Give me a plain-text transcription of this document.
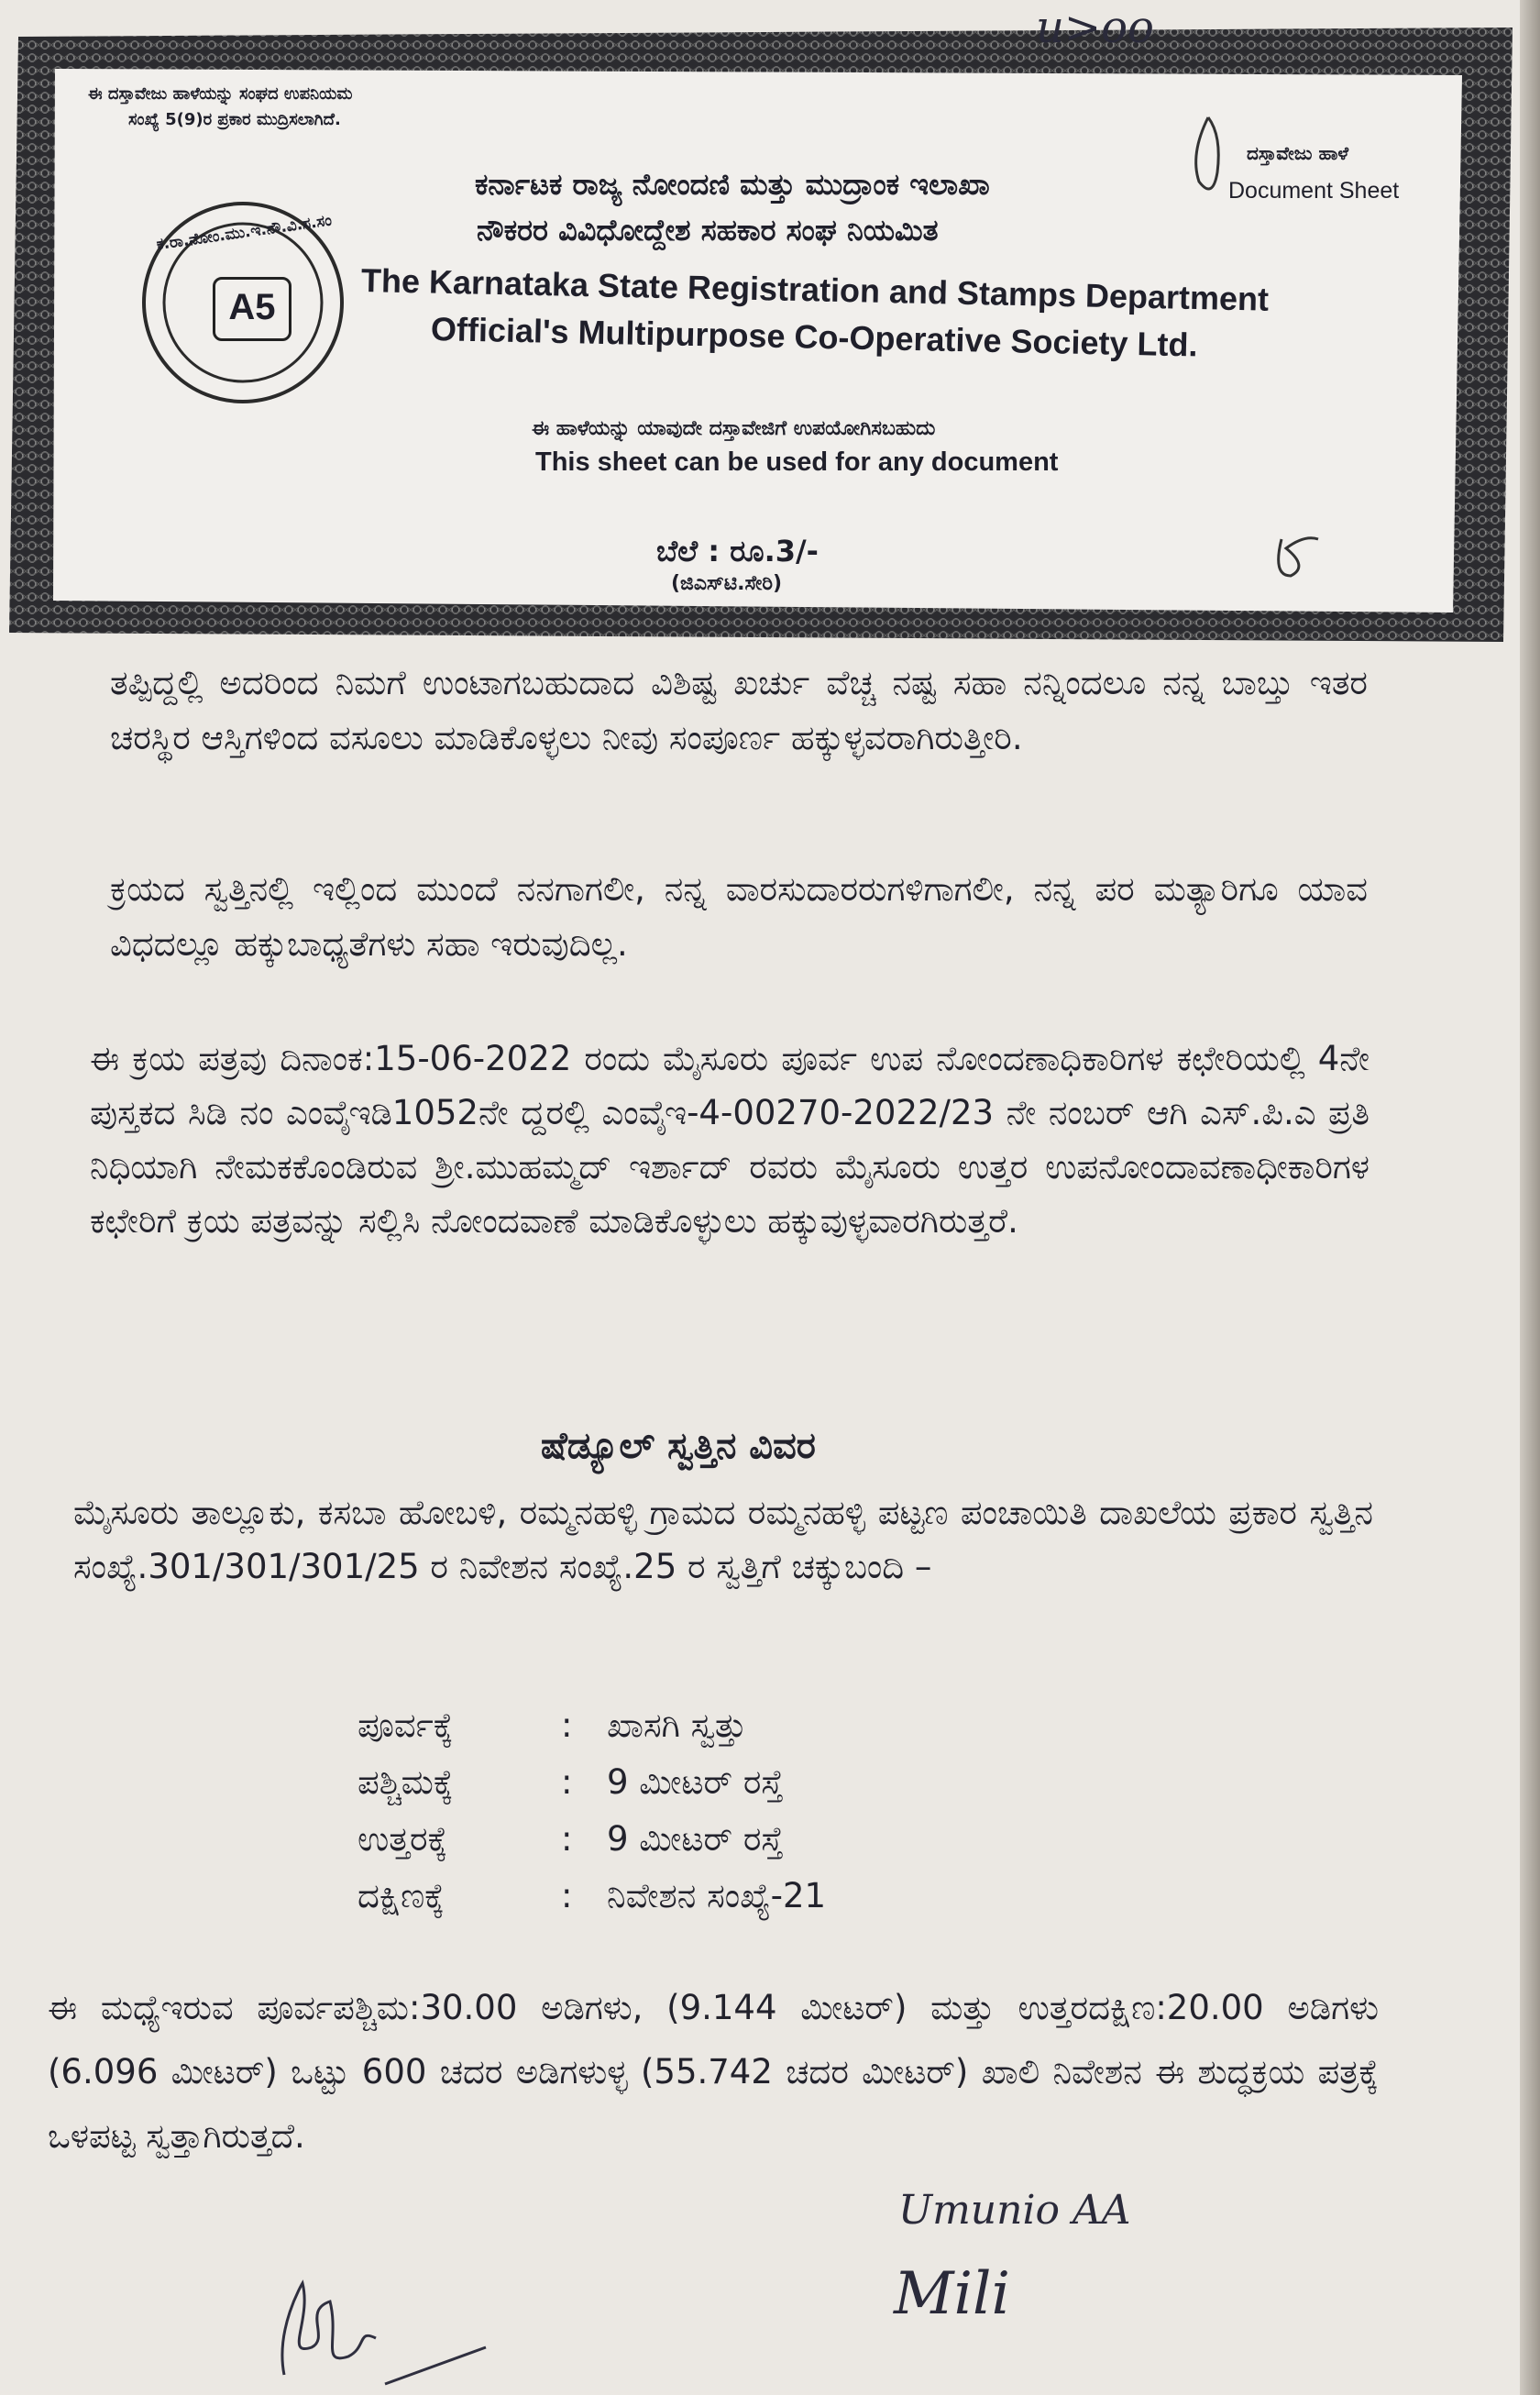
ಈ ದಸ್ತಾವೇಜು ಹಾಳೆಯನ್ನು ಸಂಘದ ಉಪನಿಯಮ
ಸಂಖ್ಯೆ 5(9)ರ ಪ್ರಕಾರ ಮುದ್ರಿಸಲಾಗಿದೆ.
ಕರ್ನಾಟಕ ರಾಜ್ಯ ನೋಂದಣಿ ಮತ್ತು ಮುದ್ರಾಂಕ ಇಲಾಖಾ
ನೌಕರರ ವಿವಿಧೋದ್ದೇಶ ಸಹಕಾರ ಸಂಘ ನಿಯಮಿತ
The Karnataka State Registration and Stamps Department
Official's Multipurpose Co-Operative Society Ltd.
ಈ ಹಾಳೆಯನ್ನು ಯಾವುದೇ ದಸ್ತಾವೇಜಿಗೆ ಉಪಯೋಗಿಸಬಹುದು
This sheet can be used for any document
ಬೆಲೆ : ರೂ.3/-
(ಜಿಎಸ್‌ಟಿ.ಸೇರಿ)
ದಸ್ತಾವೇಜು ಹಾಳೆ
Document Sheet
A5
ಕ.ರಾ.ನೋಂ.ಮು.ಇ.ನೌ.ವಿ.ಸ.ಸಂ
u>oo
ತಪ್ಪಿದ್ದಲ್ಲಿ ಅದರಿಂದ ನಿಮಗೆ ಉಂಟಾಗಬಹುದಾದ ವಿಶಿಷ್ಟ ಖರ್ಚು ವೆಚ್ಚ ನಷ್ಟ ಸಹಾ ನನ್ನಿಂದಲೂ ನನ್ನ ಬಾಬ್ತು ಇತರ ಚರಸ್ಥಿರ ಆಸ್ತಿಗಳಿಂದ ವಸೂಲು ಮಾಡಿಕೊಳ್ಳಲು ನೀವು ಸಂಪೂರ್ಣ ಹಕ್ಕುಳ್ಳವರಾಗಿರುತ್ತೀರಿ.
ಕ್ರಯದ ಸ್ವತ್ತಿನಲ್ಲಿ ಇಲ್ಲಿಂದ ಮುಂದೆ ನನಗಾಗಲೀ, ನನ್ನ ವಾರಸುದಾರರುಗಳಿಗಾಗಲೀ, ನನ್ನ ಪರ ಮತ್ಯಾರಿಗೂ ಯಾವ ವಿಧದಲ್ಲೂ ಹಕ್ಕುಬಾಧ್ಯತೆಗಳು ಸಹಾ ಇರುವುದಿಲ್ಲ.
ಈ ಕ್ರಯ ಪತ್ರವು ದಿನಾಂಕ:15-06-2022 ರಂದು ಮೈಸೂರು ಪೂರ್ವ ಉಪ ನೋಂದಣಾಧಿಕಾರಿಗಳ ಕಛೇರಿಯಲ್ಲಿ 4ನೇ ಪುಸ್ತಕದ ಸಿಡಿ ನಂ ಎಂವೈಇಡಿ1052ನೇ ದ್ದರಲ್ಲಿ ಎಂವೈಇ-4-00270-2022/23 ನೇ ನಂಬರ್ ಆಗಿ ಎಸ್.ಪಿ.ಎ ಪ್ರತಿ ನಿಧಿಯಾಗಿ ನೇಮಕಕೊಂಡಿರುವ ಶ್ರೀ.ಮುಹಮ್ಮದ್ ಇರ್ಶಾದ್ ರವರು ಮೈಸೂರು ಉತ್ತರ ಉಪನೋಂದಾವಣಾಧೀಕಾರಿಗಳ ಕಛೇರಿಗೆ ಕ್ರಯ ಪತ್ರವನ್ನು ಸಲ್ಲಿಸಿ ನೋಂದವಾಣೆ ಮಾಡಿಕೊಳ್ಳುಲು ಹಕ್ಕುವುಳ್ಳವಾರಗಿರುತ್ತರೆ.
ಷೆಡ್ಯೂಲ್ ಸ್ವತ್ತಿನ ವಿವರ
ಮೈಸೂರು ತಾಲ್ಲೂಕು, ಕಸಬಾ ಹೋಬಳಿ, ರಮ್ಮನಹಳ್ಳಿ ಗ್ರಾಮದ ರಮ್ಮನಹಳ್ಳಿ ಪಟ್ಟಣ ಪಂಚಾಯಿತಿ ದಾಖಲೆಯ ಪ್ರಕಾರ ಸ್ವತ್ತಿನ ಸಂಖ್ಯೆ.301/301/301/25 ರ ನಿವೇಶನ ಸಂಖ್ಯೆ.25 ರ ಸ್ವತ್ತಿಗೆ ಚಕ್ಕುಬಂದಿ –
ಪೂರ್ವಕ್ಕೆ	: ಖಾಸಗಿ ಸ್ವತ್ತು
ಪಶ್ಚಿಮಕ್ಕೆ	: 9 ಮೀಟರ್ ರಸ್ತೆ
ಉತ್ತರಕ್ಕೆ	: 9 ಮೀಟರ್ ರಸ್ತೆ
ದಕ್ಷಿಣಕ್ಕೆ	: ನಿವೇಶನ ಸಂಖ್ಯೆ-21
ಈ ಮಧ್ಯೆಇರುವ ಪೂರ್ವಪಶ್ಚಿಮ:30.00 ಅಡಿಗಳು, (9.144 ಮೀಟರ್) ಮತ್ತು ಉತ್ತರದಕ್ಷಿಣ:20.00 ಅಡಿಗಳು (6.096 ಮೀಟರ್) ಒಟ್ಟು 600 ಚದರ ಅಡಿಗಳುಳ್ಳ (55.742 ಚದರ ಮೀಟರ್) ಖಾಲಿ ನಿವೇಶನ ಈ ಶುದ್ಧಕ್ರಯ ಪತ್ರಕ್ಕೆ ಒಳಪಟ್ಟ ಸ್ವತ್ತಾಗಿರುತ್ತದೆ.
Umunio AA
Mili
